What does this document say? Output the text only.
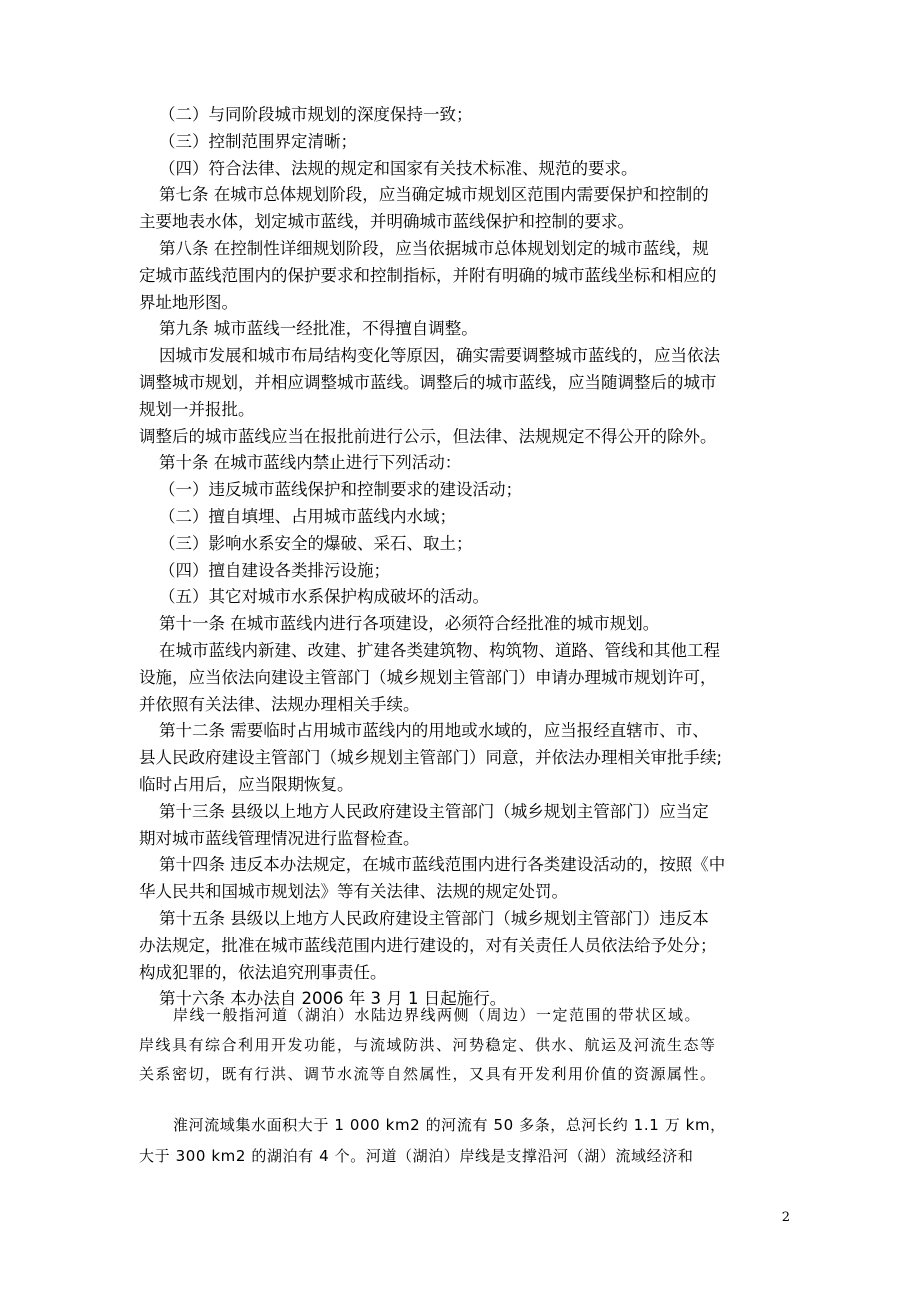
（二）与同阶段城市规划的深度保持一致；
（三）控制范围界定清晰；
（四）符合法律、法规的规定和国家有关技术标准、规范的要求。
第七条 在城市总体规划阶段，应当确定城市规划区范围内需要保护和控制的
主要地表水体，划定城市蓝线，并明确城市蓝线保护和控制的要求。
第八条 在控制性详细规划阶段，应当依据城市总体规划划定的城市蓝线，规
定城市蓝线范围内的保护要求和控制指标，并附有明确的城市蓝线坐标和相应的
界址地形图。
第九条 城市蓝线一经批准，不得擅自调整。
因城市发展和城市布局结构变化等原因，确实需要调整城市蓝线的，应当依法
调整城市规划，并相应调整城市蓝线。调整后的城市蓝线，应当随调整后的城市
规划一并报批。
调整后的城市蓝线应当在报批前进行公示，但法律、法规规定不得公开的除外。
第十条 在城市蓝线内禁止进行下列活动：
（一）违反城市蓝线保护和控制要求的建设活动；
（二）擅自填埋、占用城市蓝线内水域；
（三）影响水系安全的爆破、采石、取土；
（四）擅自建设各类排污设施；
（五）其它对城市水系保护构成破坏的活动。
第十一条 在城市蓝线内进行各项建设，必须符合经批准的城市规划。
在城市蓝线内新建、改建、扩建各类建筑物、构筑物、道路、管线和其他工程
设施，应当依法向建设主管部门（城乡规划主管部门）申请办理城市规划许可，
并依照有关法律、法规办理相关手续。
第十二条 需要临时占用城市蓝线内的用地或水域的，应当报经直辖市、市、
县人民政府建设主管部门（城乡规划主管部门）同意，并依法办理相关审批手续;
临时占用后，应当限期恢复。
第十三条 县级以上地方人民政府建设主管部门（城乡规划主管部门）应当定
期对城市蓝线管理情况进行监督检查。
第十四条 违反本办法规定，在城市蓝线范围内进行各类建设活动的，按照《中
华人民共和国城市规划法》等有关法律、法规的规定处罚。
第十五条 县级以上地方人民政府建设主管部门（城乡规划主管部门）违反本
办法规定，批准在城市蓝线范围内进行建设的，对有关责任人员依法给予处分；
构成犯罪的，依法追究刑事责任。
第十六条 本办法自 2006 年 3 月 1 日起施行。
岸线一般指河道（湖泊）水陆边界线两侧（周边）一定范围的带状区域。
岸线具有综合利用开发功能，与流域防洪、河势稳定、供水、航运及河流生态等
关系密切，既有行洪、调节水流等自然属性，又具有开发利用价值的资源属性。
淮河流域集水面积大于 1 000 km2 的河流有 50 多条，总河长约 1.1 万 km，
大于 300 km2 的湖泊有 4 个。河道（湖泊）岸线是支撑沿河（湖）流域经济和
2
